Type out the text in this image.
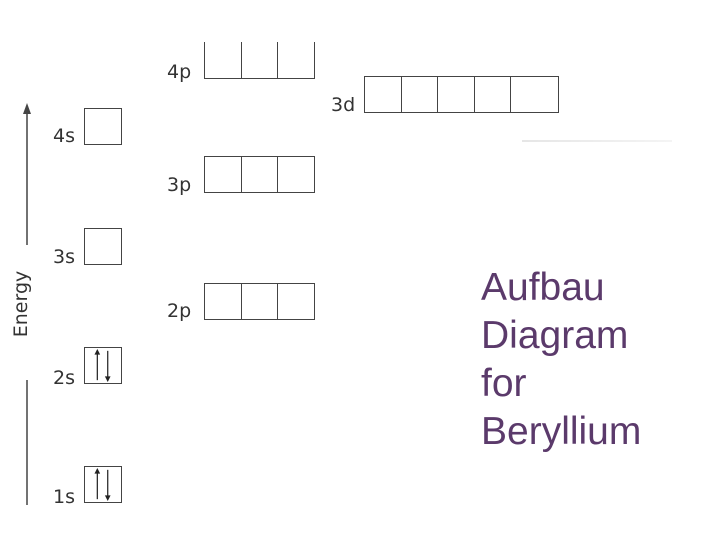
Energy
1s
2s
3s
4s
2p
3p
4p
3d
Aufbau
Diagram
for
Beryllium
